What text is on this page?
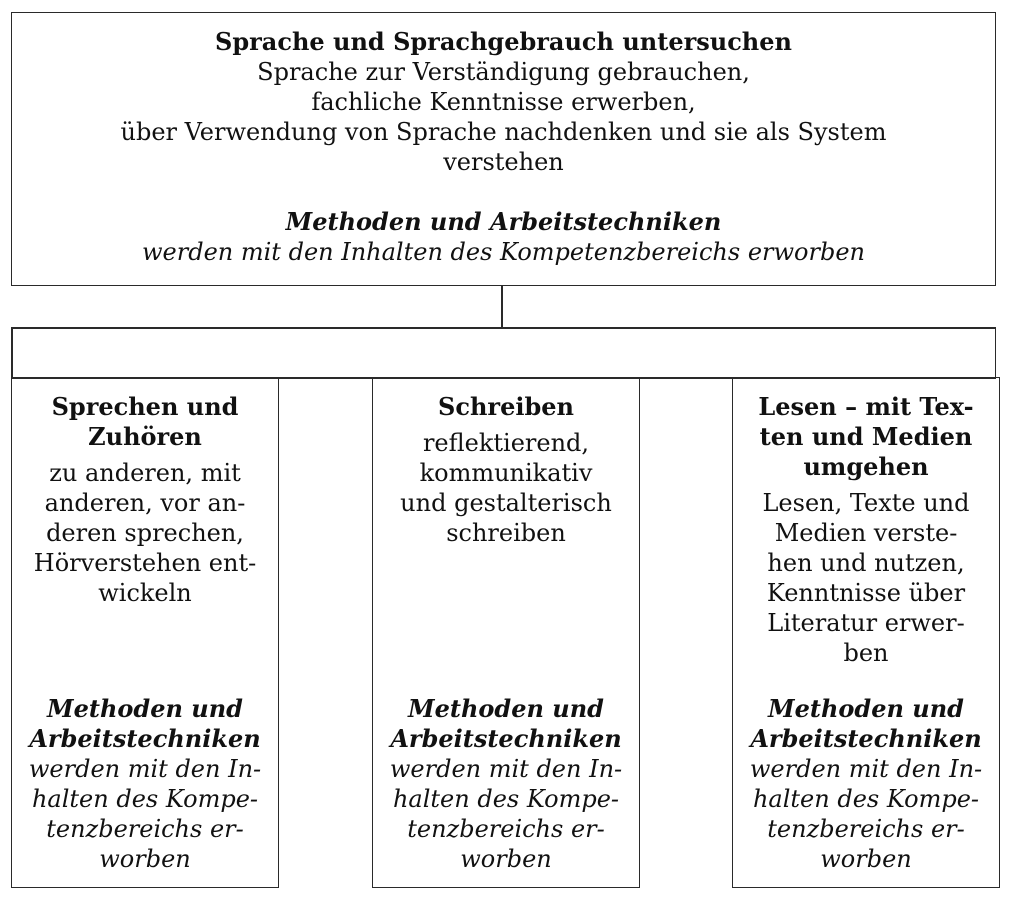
Sprache und Sprachgebrauch untersuchen
Sprache zur Verständigung gebrauchen,
fachliche Kenntnisse erwerben,
über Verwendung von Sprache nachdenken und sie als System
verstehen
Methoden und Arbeitstechniken
werden mit den Inhalten des Kompetenzbereichs erworben
Sprechen und
Zuhören
zu anderen, mit
anderen, vor an-
deren sprechen,
Hörverstehen ent-
wickeln
Methoden und
Arbeitstechniken
werden mit den In-
halten des Kompe-
tenzbereichs er-
worben
Schreiben
reflektierend,
kommunikativ
und gestalterisch
schreiben
Methoden und
Arbeitstechniken
werden mit den In-
halten des Kompe-
tenzbereichs er-
worben
Lesen – mit Tex-
ten und Medien
umgehen
Lesen, Texte und
Medien verste-
hen und nutzen,
Kenntnisse über
Literatur erwer-
ben
Methoden und
Arbeitstechniken
werden mit den In-
halten des Kompe-
tenzbereichs er-
worben
